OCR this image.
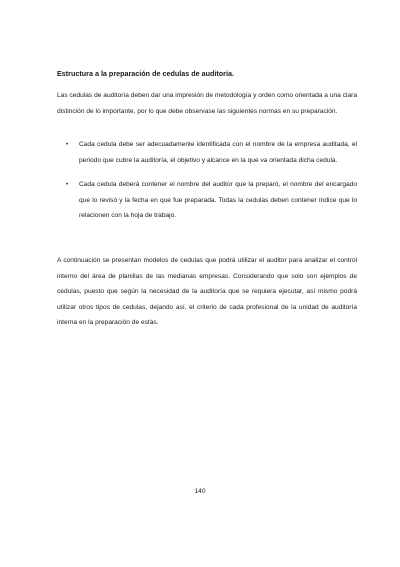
Estructura a la preparación de cedulas de auditoría.
Las cedulas de auditoría deben dar una impresión de metodología y orden como orientada a una clara distinción de lo importante, por lo que debe observase las siguientes normas en su preparación.
• Cada cedula debe ser adecuadamente identificada con el nombre de la empresa auditada, el periodo que cubre la auditoría, el objetivo y alcance en la que va orientada dicha cedula.
• Cada cedula deberá contener el nombre del auditor que la preparó, el nombre del encargado que lo revisó y la fecha en que fue preparada. Todas la cedulas deben contener índice que lo relacionen con la hoja de trabajo.
A continuación se presentan modelos de cedulas que podrá utilizar el auditor para analizar el control interno del área de planillas de las medianas empresas. Considerando que solo son ejemplos de cedulas, puesto que según la necesidad de la auditoría que se requiera ejecutar, así mismo podrá utilizar otros tipos de cedulas, dejando así, el criterio de cada profesional de la unidad de auditoría interna en la preparación de estás.
140
